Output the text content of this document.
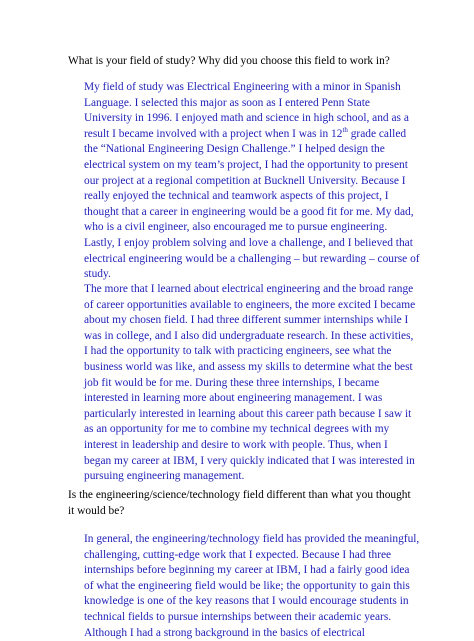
What is your field of study? Why did you choose this field to work in?

My field of study was Electrical Engineering with a minor in Spanish
Language. I selected this major as soon as I entered Penn State
University in 1996. I enjoyed math and science in high school, and as a
result I became involved with a project when I was in 12th grade called
the “National Engineering Design Challenge.” I helped design the
electrical system on my team’s project, I had the opportunity to present
our project at a regional competition at Bucknell University. Because I
really enjoyed the technical and teamwork aspects of this project, I
thought that a career in engineering would be a good fit for me. My dad,
who is a civil engineer, also encouraged me to pursue engineering.
Lastly, I enjoy problem solving and love a challenge, and I believed that
electrical engineering would be a challenging – but rewarding – course of
study.

The more that I learned about electrical engineering and the broad range
of career opportunities available to engineers, the more excited I became
about my chosen field. I had three different summer internships while I
was in college, and I also did undergraduate research. In these activities,
I had the opportunity to talk with practicing engineers, see what the
business world was like, and assess my skills to determine what the best
job fit would be for me. During these three internships, I became
interested in learning more about engineering management. I was
particularly interested in learning about this career path because I saw it
as an opportunity for me to combine my technical degrees with my
interest in leadership and desire to work with people. Thus, when I
began my career at IBM, I very quickly indicated that I was interested in
pursuing engineering management.

Is the engineering/science/technology field different than what you thought
it would be?

In general, the engineering/technology field has provided the meaningful,
challenging, cutting-edge work that I expected. Because I had three
internships before beginning my career at IBM, I had a fairly good idea
of what the engineering field would be like; the opportunity to gain this
knowledge is one of the key reasons that I would encourage students in
technical fields to pursue internships between their academic years.
Although I had a strong background in the basics of electrical
